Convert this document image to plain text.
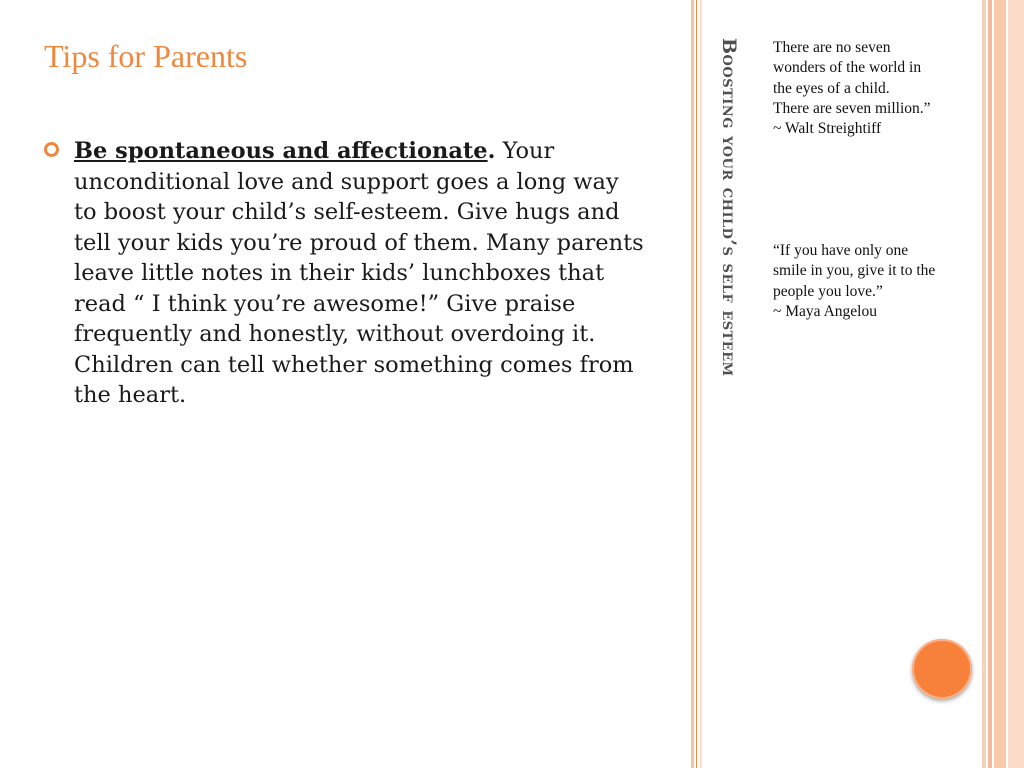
Tips for Parents

Be spontaneous and affectionate. Your unconditional love and support goes a long way to boost your child’s self-esteem. Give hugs and tell your kids you’re proud of them. Many parents leave little notes in their kids’ lunchboxes that read “ I think you’re awesome!” Give praise frequently and honestly, without overdoing it. Children can tell whether something comes from the heart.

Boosting your child’s self esteem There are no seven wonders of the world in the eyes of a child.
There are seven million.”
~ Walt Streightiff

“If you have only one smile in you, give it to the people you love.”
~ Maya Angelou
